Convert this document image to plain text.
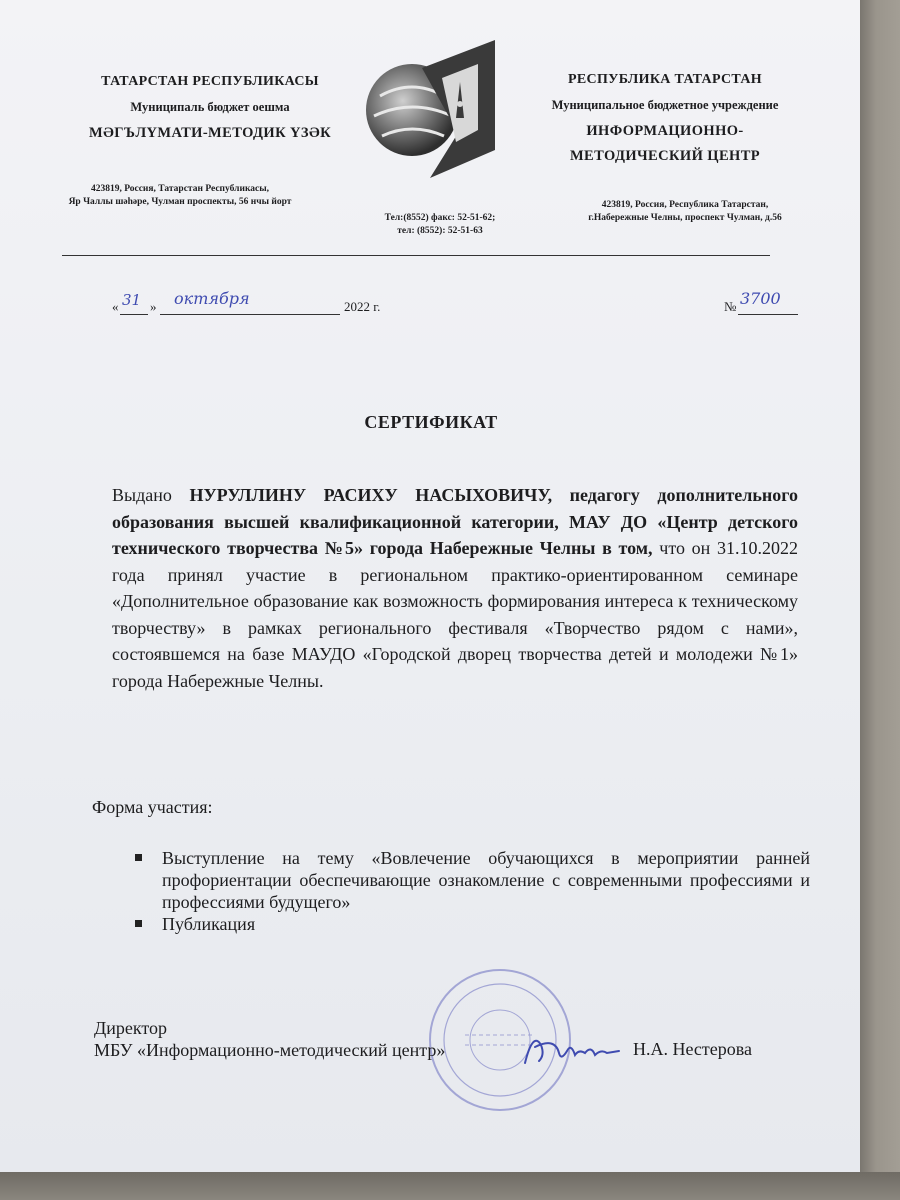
ТАТАРСТАН РЕСПУБЛИКАСЫ
Муниципаль бюджет оешма
МӘГЪЛҮМАТИ-МЕТОДИК ҮЗӘК
423819, Россия, Татарстан Республикасы,
Яр Чаллы шәһәре, Чулман проспекты, 56 нчы йорт
РЕСПУБЛИКА ТАТАРСТАН
Муниципальное бюджетное учреждение
ИНФОРМАЦИОННО-
МЕТОДИЧЕСКИЙ ЦЕНТР
423819, Россия, Республика Татарстан,
г.Набережные Челны, проспект Чулман, д.56
Тел:(8552) факс: 52-51-62;
тел: (8552): 52-51-63
« 31 » октября	2022 г.	№ 3700
СЕРТИФИКАТ
Выдано НУРУЛЛИНУ РАСИХУ НАСЫХОВИЧУ, педагогу дополнительного образования высшей квалификационной категории, МАУ ДО «Центр детского технического творчества №5» города Набережные Челны в том, что он 31.10.2022 года принял участие в региональном практико-ориентированном семинаре «Дополнительное образование как возможность формирования интереса к техническому творчеству» в рамках регионального фестиваля «Творчество рядом с нами», состоявшемся на базе МАУДО «Городской дворец творчества детей и молодежи №1» города Набережные Челны.
Форма участия:
Выступление на тему «Вовлечение обучающихся в мероприятии ранней профориентации обеспечивающие ознакомление с современными профессиями и профессиями будущего»
Публикация
Директор
МБУ «Информационно-методический центр»	Н.А. Нестерова
